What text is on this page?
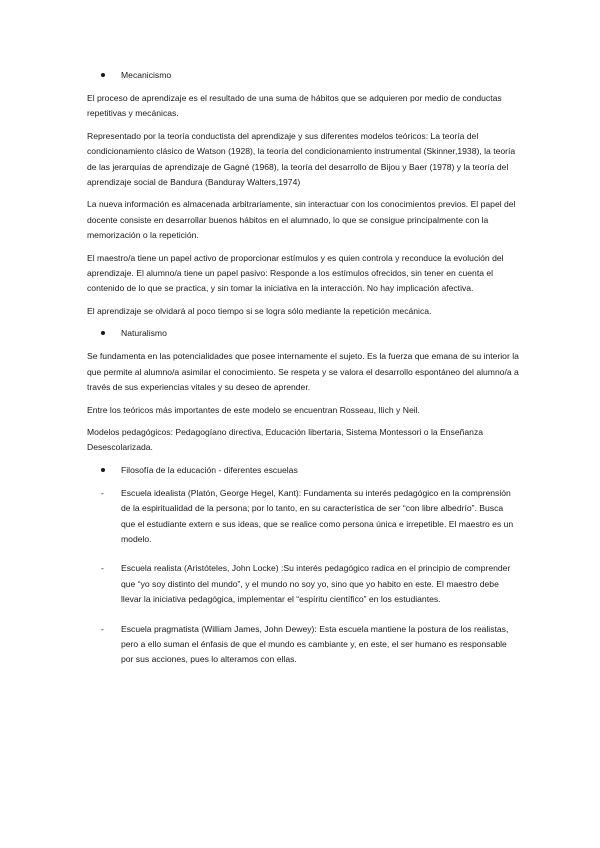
Mecanicismo

El proceso de aprendizaje es el resultado de una suma de hábitos que se adquieren por medio de conductas repetitivas y mecánicas.

Representado por la teoría conductista del aprendizaje y sus diferentes modelos teóricos: La teoría del condicionamiento clásico de Watson (1928), la teoría del condicionamiento instrumental (Skinner,1938), la teoría de las jerarquías de aprendizaje de Gagné (1968), la teoría del desarrollo de Bijou y Baer (1978) y la teoría del aprendizaje social de Bandura (Banduray Walters,1974)

La nueva información es almacenada arbitrariamente, sin interactuar con los conocimientos previos. El papel del docente consiste en desarrollar buenos hábitos en el alumnado, lo que se consigue principalmente con la memorización o la repetición.

El maestro/a tiene un papel activo de proporcionar estímulos y es quien controla y reconduce la evolución del aprendizaje. El alumno/a tiene un papel pasivo: Responde a los estímulos ofrecidos, sin tener en cuenta el contenido de lo que se practica, y sin tomar la iniciativa en la interacción. No hay implicación afectiva.

El aprendizaje se olvidará al poco tiempo si se logra sólo mediante la repetición mecánica.

Naturalismo

Se fundamenta en las potencialidades que posee internamente el sujeto. Es la fuerza que emana de su interior la que permite al alumno/a asimilar el conocimiento. Se respeta y se valora el desarrollo espontáneo del alumno/a a través de sus experiencias vitales y su deseo de aprender.

Entre los teóricos más importantes de este modelo se encuentran Rosseau, Ilich y Neil.

Modelos pedagógicos: Pedagogíano directiva, Educación libertaria, Sistema Montessori o la Enseñanza Desescolarizada.

Filosofía de la educación - diferentes escuelas
- Escuela idealista (Platón, George Hegel, Kant): Fundamenta su interés pedagógico en la comprensión de la espiritualidad de la persona; por lo tanto, en su característica de ser “con libre albedrío”. Busca que el estudiante extern e sus ideas, que se realice como persona única e irrepetible. El maestro es un modelo.
- Escuela realista (Aristóteles, John Locke) :Su interés pedagógico radica en el principio de comprender que “yo soy distinto del mundo”, y el mundo no soy yo, sino que yo habito en este. El maestro debe llevar la iniciativa pedagógica, implementar el “espíritu científico” en los estudiantes.
- Escuela pragmatista (William James, John Dewey): Esta escuela mantiene la postura de los realistas, pero a ello suman el énfasis de que el mundo es cambiante y, en este, el ser humano es responsable por sus acciones, pues lo alteramos con ellas.
